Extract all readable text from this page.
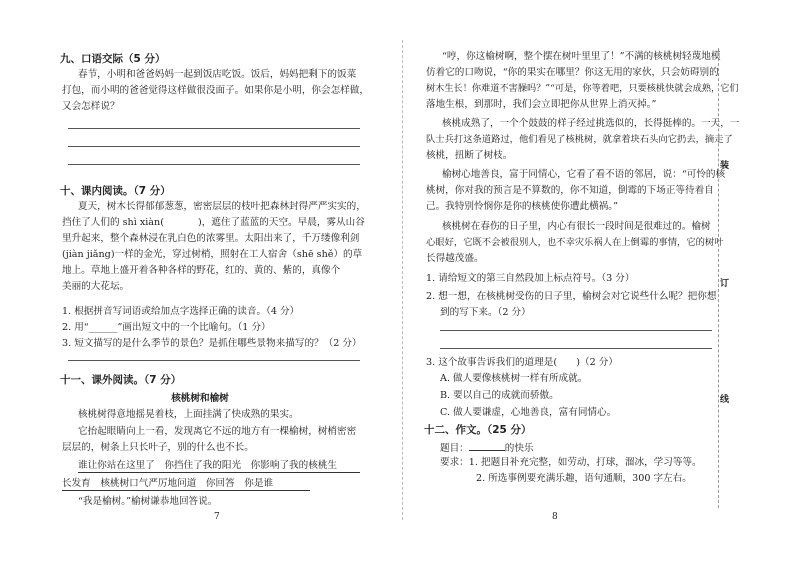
九、口语交际（5 分）
春节，小明和爸爸妈妈一起到饭店吃饭。饭后，妈妈把剩下的饭菜
打包，而小明的爸爸觉得这样做很没面子。如果你是小明，你会怎样做，
又会怎样说？
十、课内阅读。（7 分）
夏天，树木长得郁郁葱葱，密密层层的枝叶把森林封得严严实实的，
挡住了人们的 shì xiàn(	)，遮住了蓝蓝的天空。早晨，雾从山谷
里升起来，整个森林浸在乳白色的浓雾里。太阳出来了，千万缕像利剑
(jiàn jiǎng)一样的金光，穿过树梢，照射在工人宿舍（shē shě）的草
地上。草地上盛开着各种各样的野花，红的、黄的、紫的，真像个
美丽的大花坛。
1. 根据拼音写词语或给加点字选择正确的读音。（4 分）
2. 用“______”画出短文中的一个比喻句。（1 分）
3. 短文描写的是什么季节的景色？是抓住哪些景物来描写的？（2 分）
十一、课外阅读。（7 分）
核桃树和榆树
核桃树得意地摇晃着枝，上面挂满了快成熟的果实。
它抬起眼睛向上一看，发现离它不远的地方有一棵榆树，树梢密密
层层的，树条上只长叶子，别的什么也不长。
谁让你站在这里了　你挡住了我的阳光　你影响了我的核桃生
长发育　核桃树口气严厉地问道　你回答　你是谁
“我是榆树。”榆树谦恭地回答说。
7
“哼，你这榆树啊，整个摆在树叶里里了！”不满的核桃树轻蔑地模
仿着它的口吻说，“你的果实在哪里？你这无用的家伙，只会妨碍别的
树木生长！你难道不害臊吗？”“可是，你等着吧，只要核桃快就会成熟，它们
落地生根，到那时，我们会立即把你从世界上消灭掉。”
核桃成熟了，一个个鼓鼓的样子经过挑选似的，长得挺棒的。一天，一
队士兵打这条道路过，他们看见了核桃树，就拿着块石头向它扔去，摘走了
核桃，扭断了树枝。
榆树心地善良，富于同情心，它看了看不语的邻居，说：“可怜的核
桃树，你对我的预言是不算数的，你不知道，倒霉的下场正等待着自
己。我特别怜悯你是你的核桃使你遭此横祸。”
核桃树在春伤的日子里，内心有很长一段时间是很难过的。榆树
心眼好，它既不会被很别人，也不幸灾乐祸人在上倒霉的事情，它的树叶
长得越茂盛。
1. 请给短文的第三自然段加上标点符号。（3 分）
2. 想一想，在核桃树受伤的日子里，榆树会对它说些什么呢？把你想
到的写下来。（2 分）
3. 这个故事告诉我们的道理是(　　)（2 分）
A. 做人要像核桃树一样有所成就。
B. 要以自己的成就而骄傲。
C. 做人要谦虚，心地善良，富有同情心。
十二、作文。（25 分）
题目：	的快乐
要求：1. 把题目补充完整，如劳动，打球，溜冰，学习等等。
2. 所选事例要充满乐趣，语句通顺，300 字左右。
8
装
订
线
